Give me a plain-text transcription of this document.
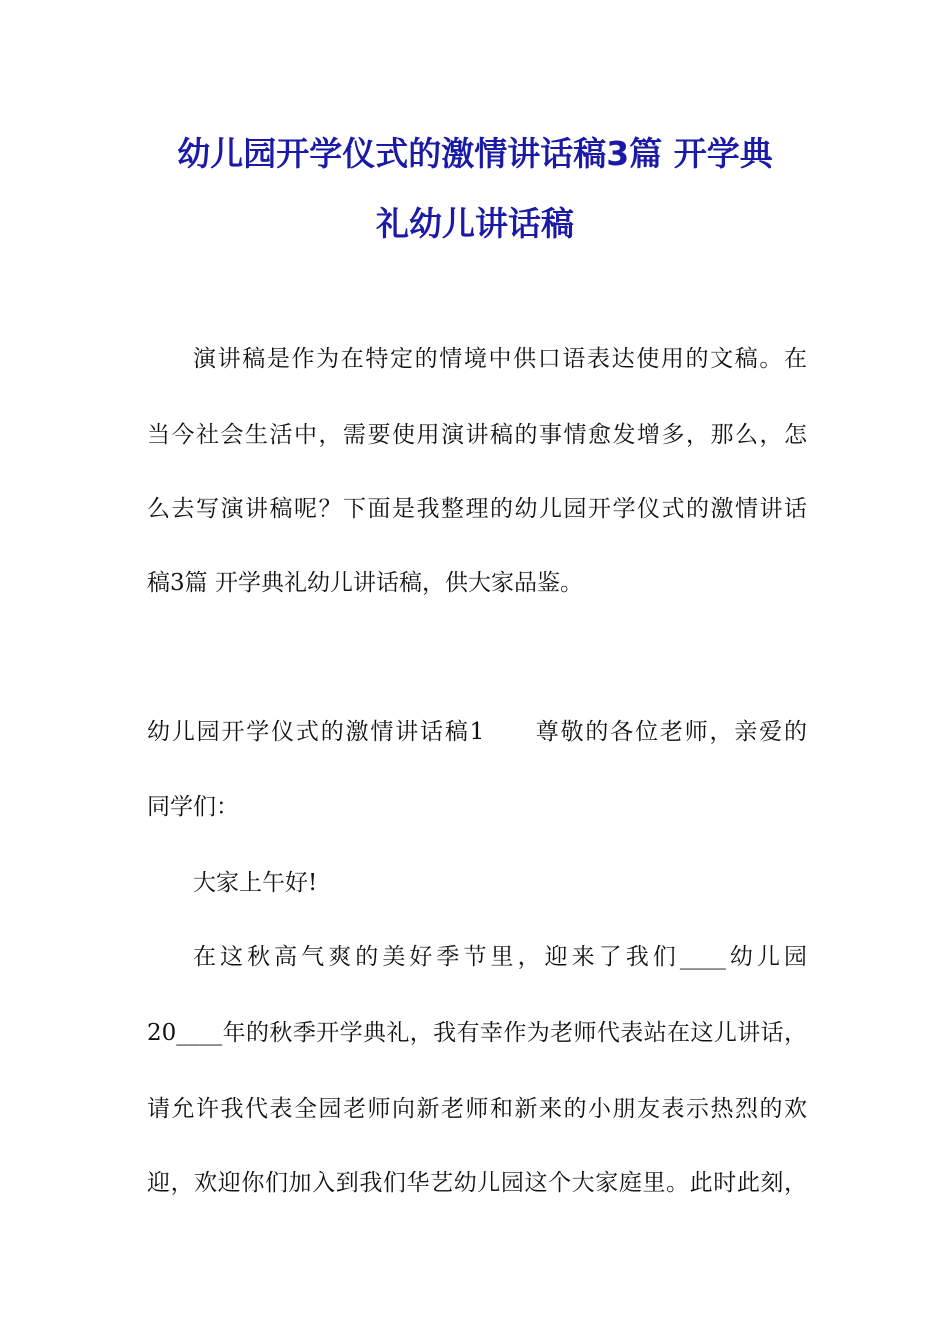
幼儿园开学仪式的激情讲话稿3篇 开学典
礼幼儿讲话稿

演讲稿是作为在特定的情境中供口语表达使用的文稿。在

当今社会生活中，需要使用演讲稿的事情愈发增多，那么，怎

么去写演讲稿呢？下面是我整理的幼儿园开学仪式的激情讲话

稿3篇 开学典礼幼儿讲话稿，供大家品鉴。

幼儿园开学仪式的激情讲话稿1　　尊敬的各位老师，亲爱的

同学们：

大家上午好!

在这秋高气爽的美好季节里，迎来了我们____幼儿园

20____年的秋季开学典礼，我有幸作为老师代表站在这儿讲话，

请允许我代表全园老师向新老师和新来的小朋友表示热烈的欢

迎，欢迎你们加入到我们华艺幼儿园这个大家庭里。此时此刻，
